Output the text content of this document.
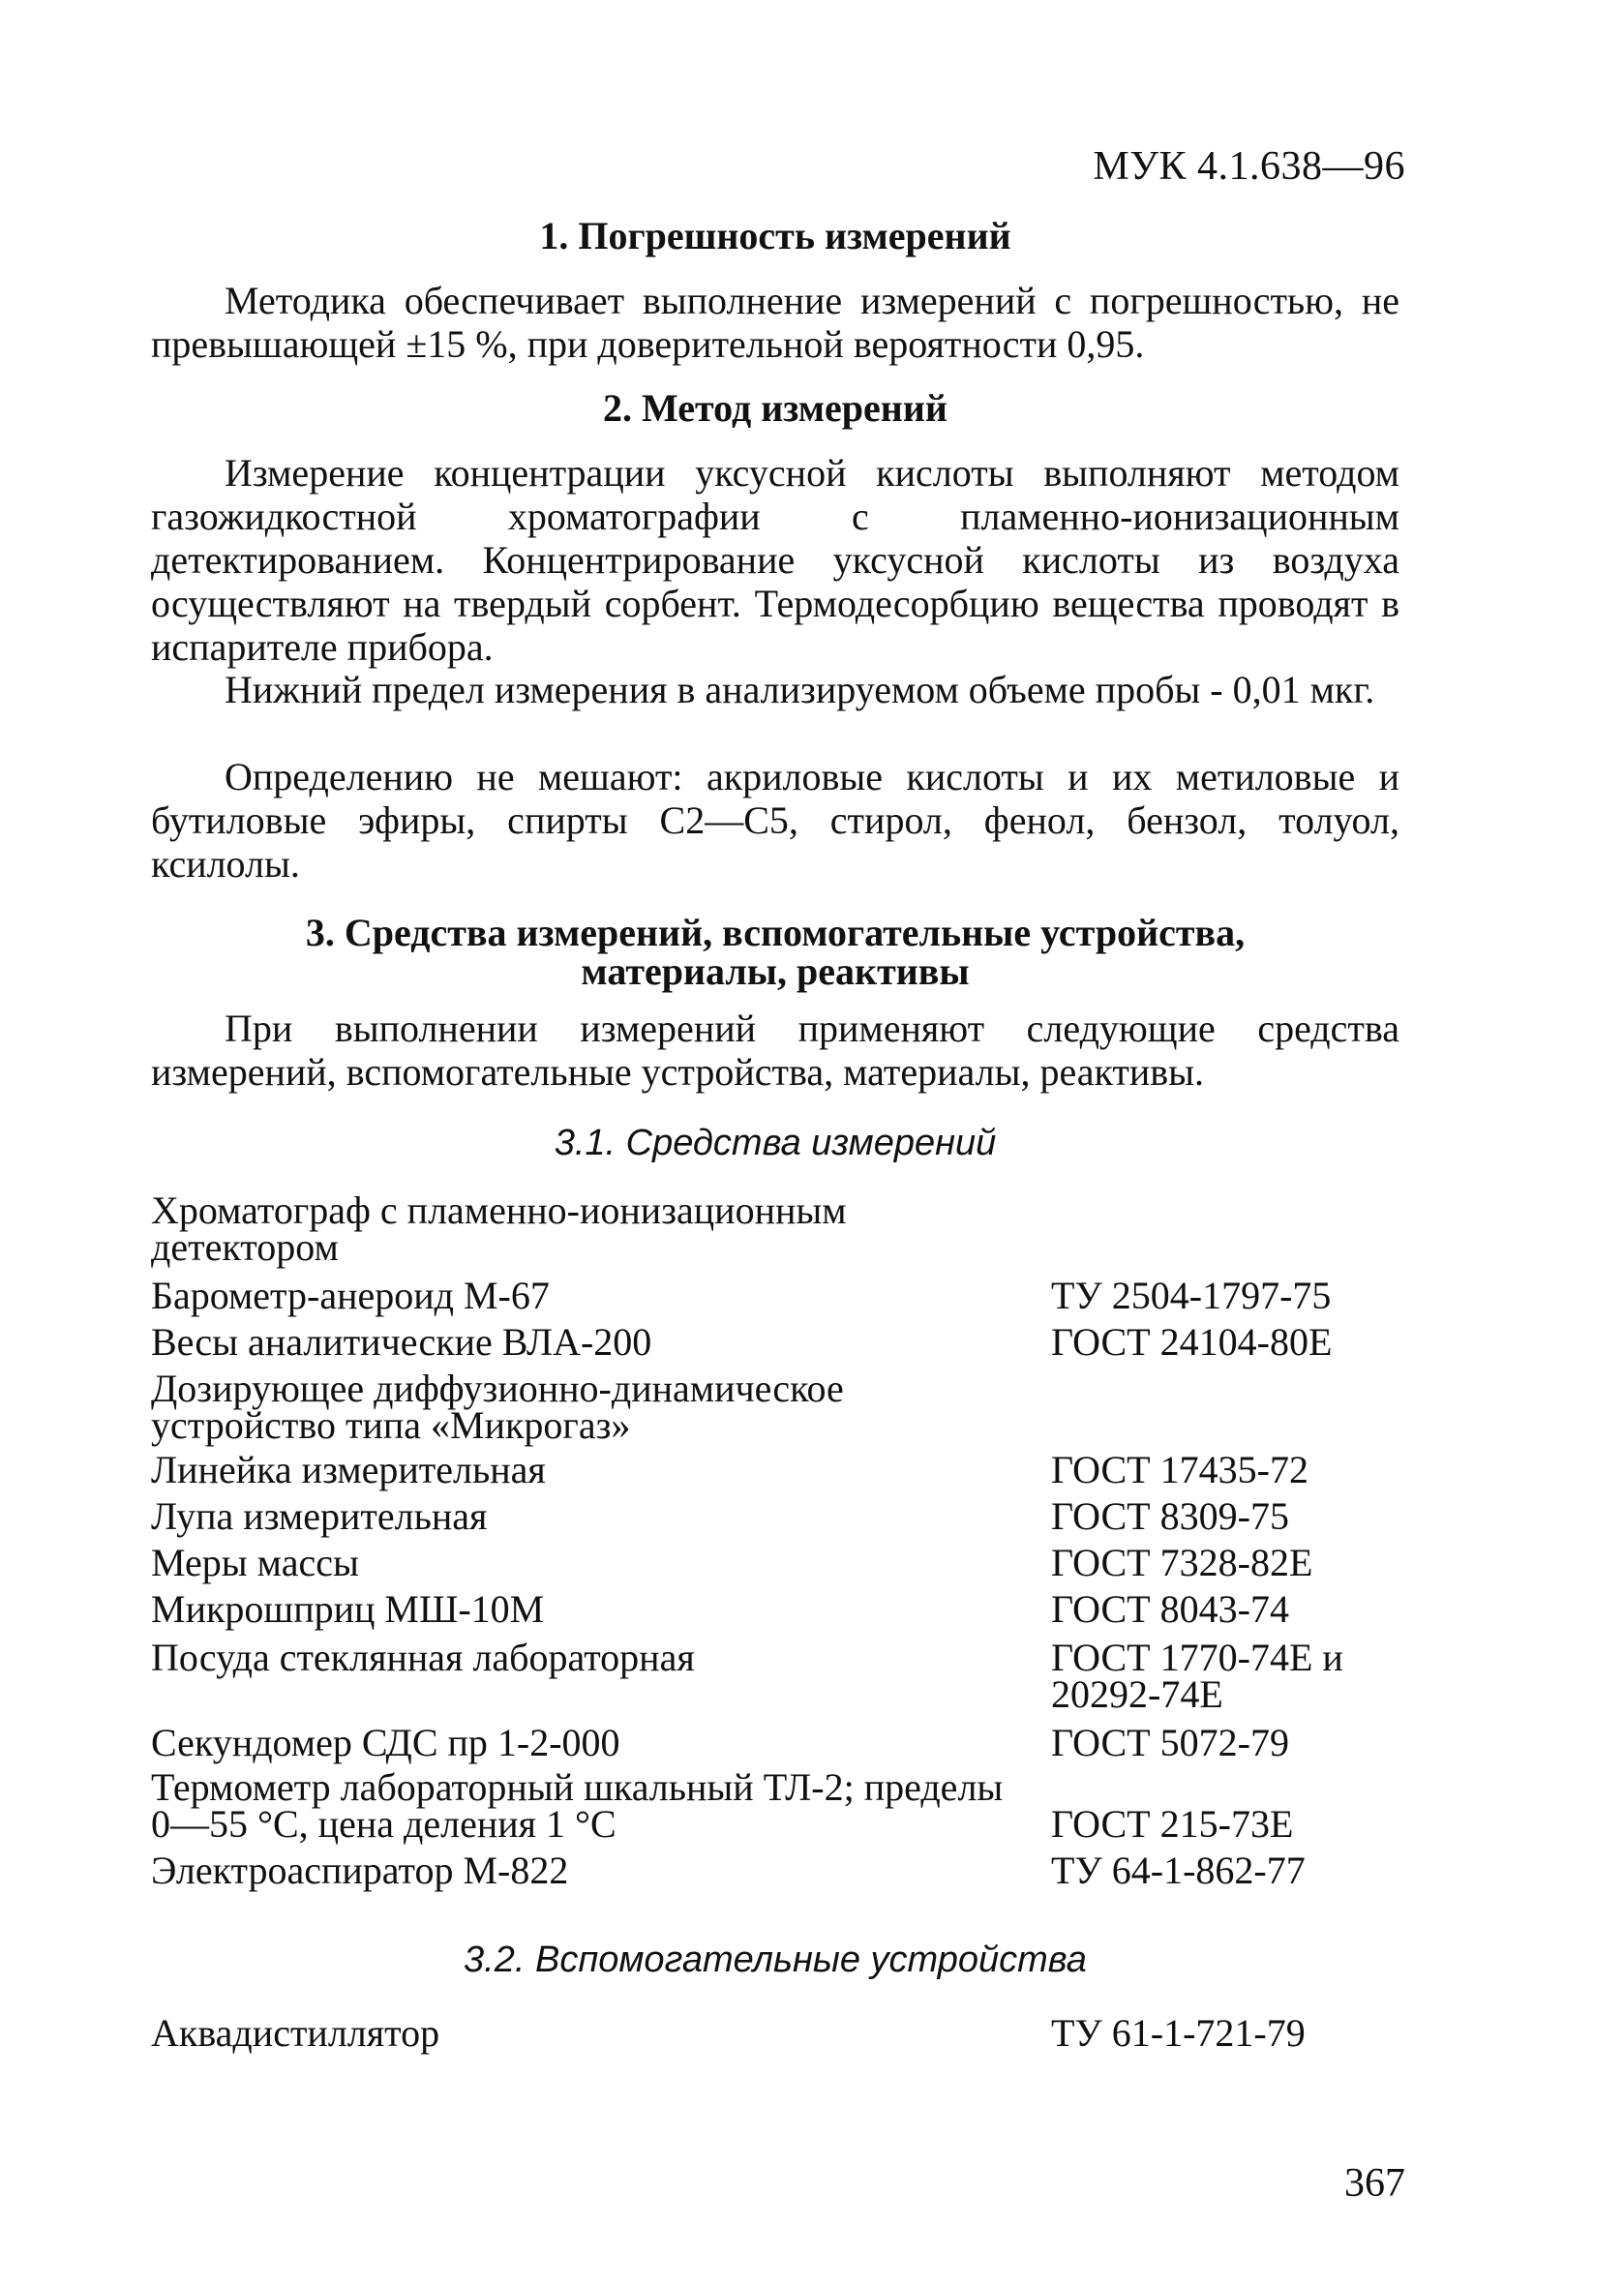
МУК 4.1.638—96
1. Погрешность измерений
Методика обеспечивает выполнение измерений с погрешностью, не превышающей ±15 %, при доверительной вероятности 0,95.
2. Метод измерений
Измерение концентрации уксусной кислоты выполняют методом газожидкостной хроматографии с пламенно-ионизационным детектированием. Концентрирование уксусной кислоты из воздуха осуществляют на твердый сорбент. Термодесорбцию вещества проводят в испарителе прибора.
Нижний предел измерения в анализируемом объеме пробы - 0,01 мкг.
Определению не мешают: акриловые кислоты и их метиловые и бутиловые эфиры, спирты C2—C5, стирол, фенол, бензол, толуол, ксилолы.
3. Средства измерений, вспомогательные устройства,
материалы, реактивы
При выполнении измерений применяют следующие средства измерений, вспомогательные устройства, материалы, реактивы.
3.1. Средства измерений
Хроматограф с пламенно-ионизационным детектором
Барометр-анероид М-67	ТУ 2504-1797-75
Весы аналитические ВЛА-200	ГОСТ 24104-80Е
Дозирующее диффузионно-динамическое устройство типа «Микрогаз»
Линейка измерительная	ГОСТ 17435-72
Лупа измерительная	ГОСТ 8309-75
Меры массы	ГОСТ 7328-82Е
Микрошприц МШ-10М	ГОСТ 8043-74
Посуда стеклянная лабораторная	ГОСТ 1770-74Е и 20292-74Е
Секундомер СДС пр 1-2-000	ГОСТ 5072-79
Термометр лабораторный шкальный ТЛ-2; пределы 0—55 °С, цена деления 1 °С	ГОСТ 215-73Е
Электроаспиратор М-822	ТУ 64-1-862-77
3.2. Вспомогательные устройства
Аквадистиллятор	ТУ 61-1-721-79
367
